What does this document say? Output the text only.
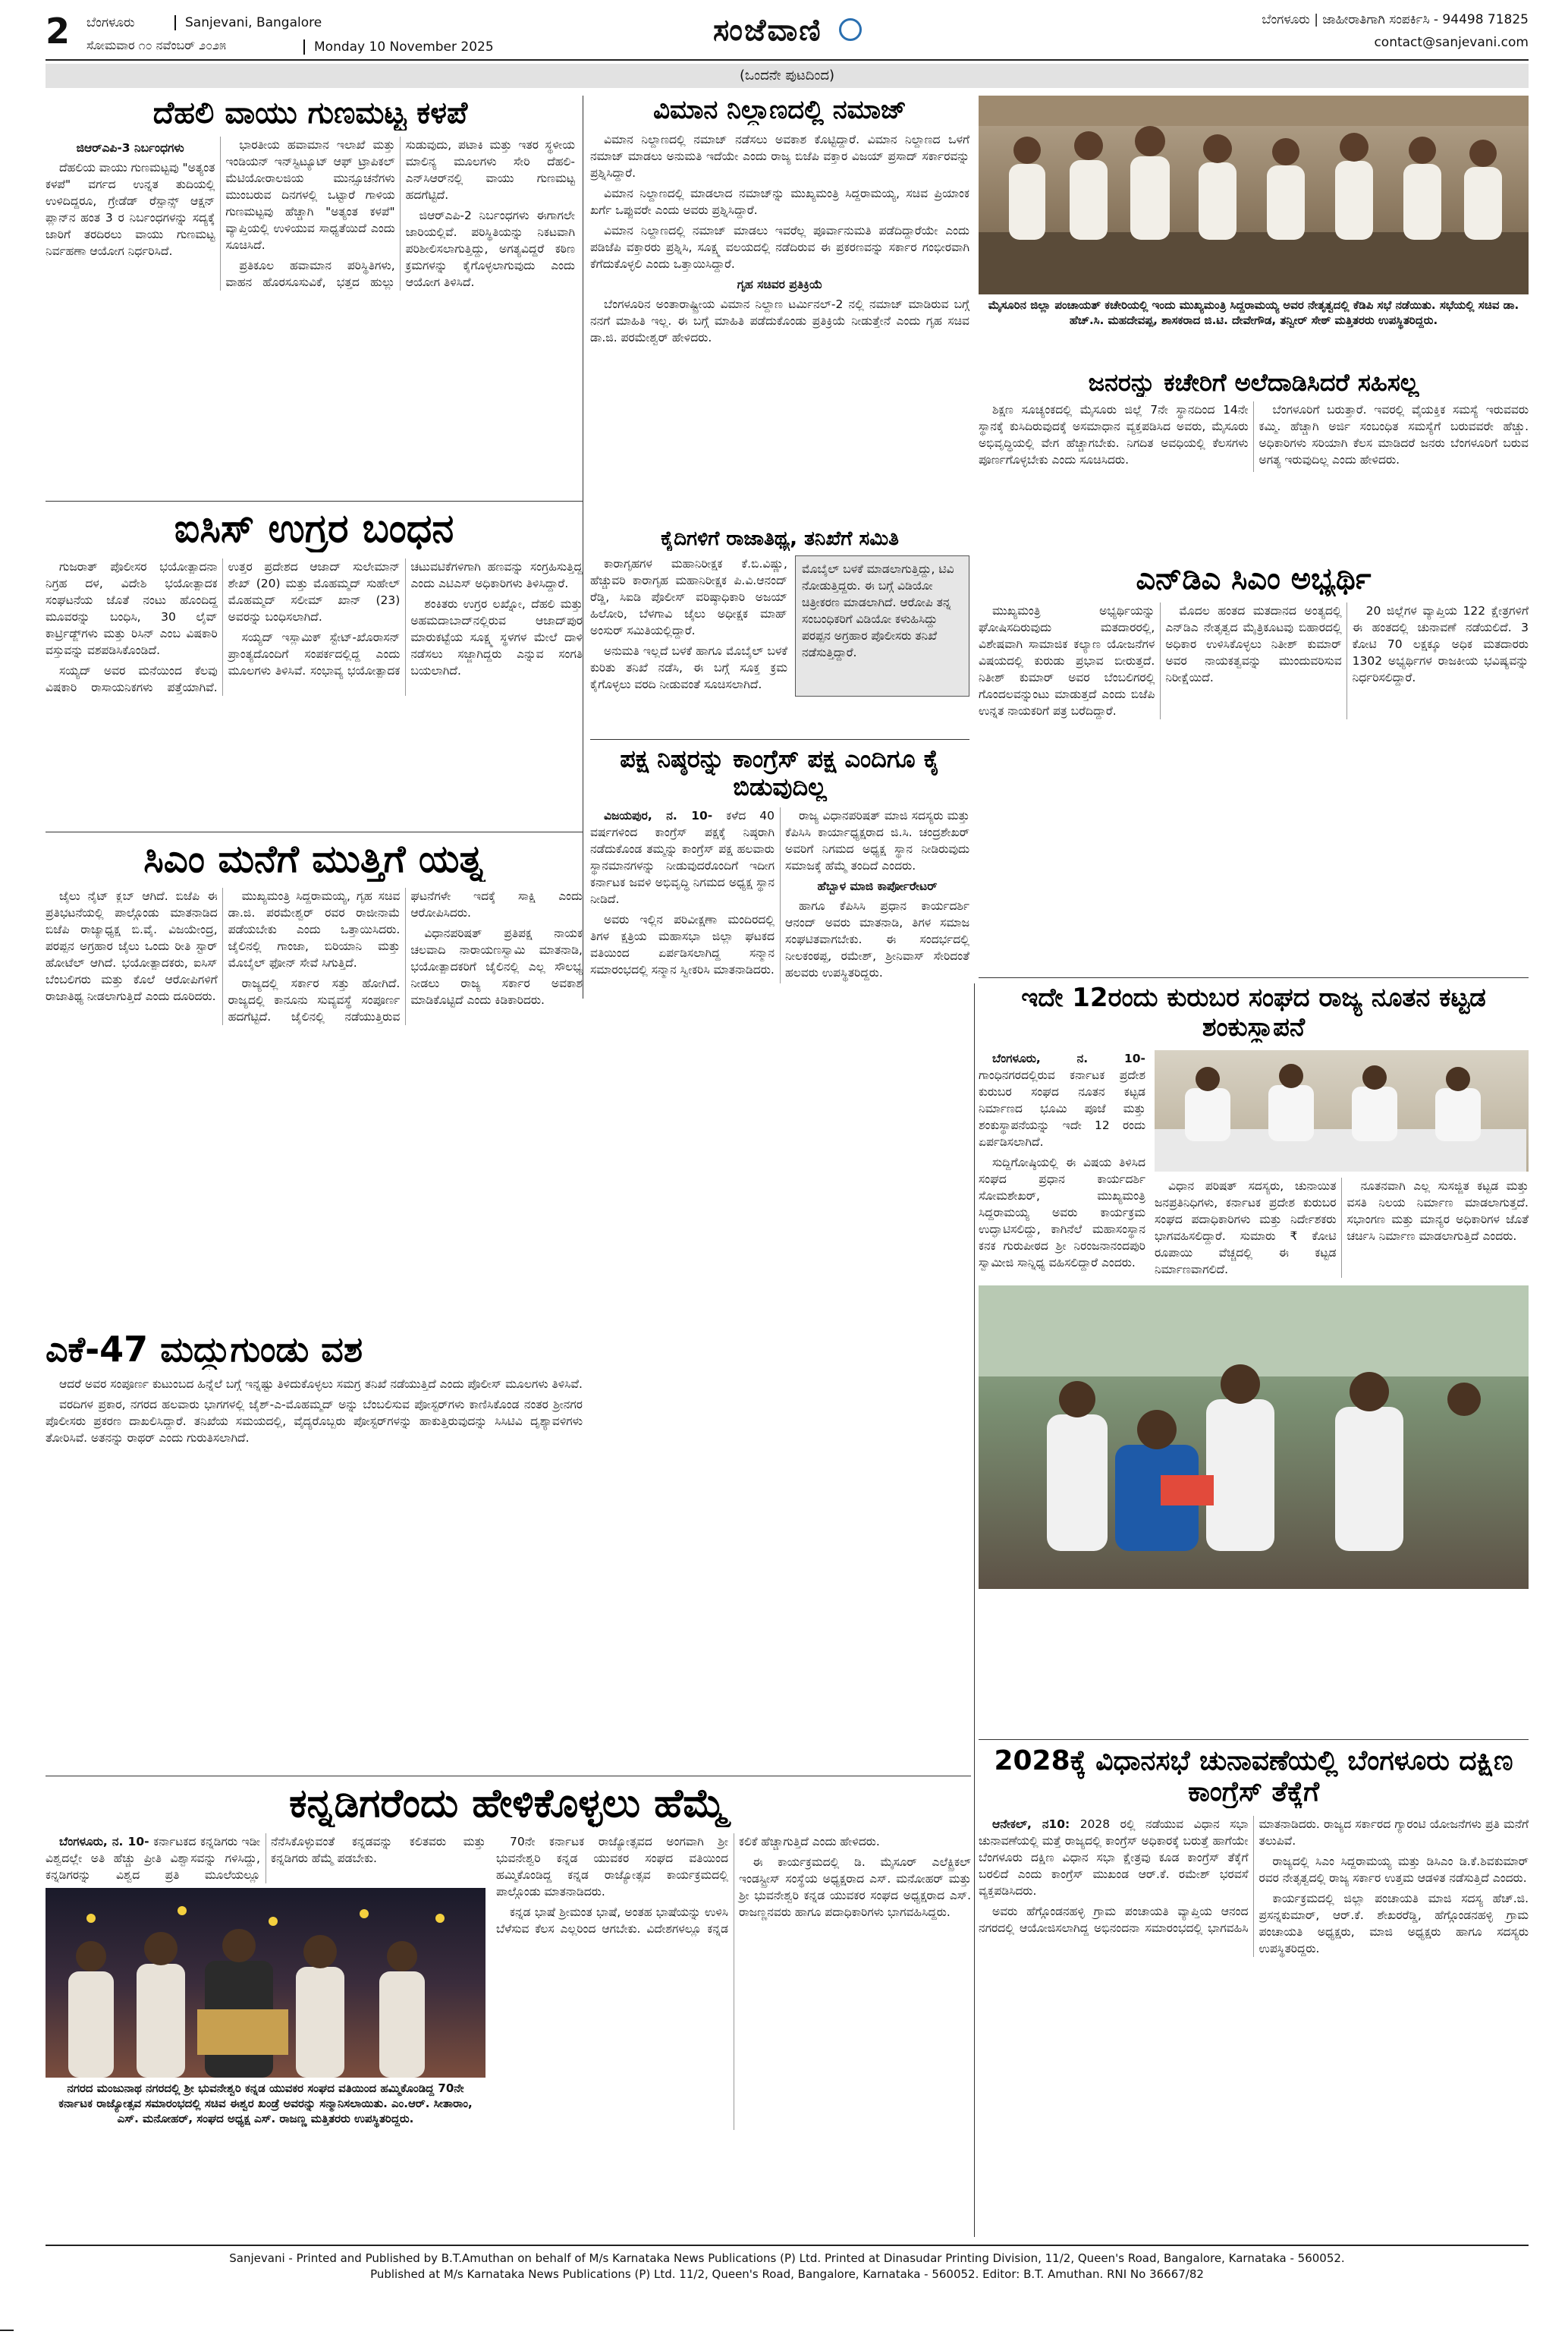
2 ಬೆಂಗಳೂರು
ಸೋಮವಾರ ೧೦ ನವೆಂಬರ್ ೨೦೨೫
Sanjevani, Bangalore
Monday 10 November 2025	ಸಂಜೆವಾಣಿ	ಬೆಂಗಳೂರು | ಜಾಹೀರಾತಿಗಾಗಿ ಸಂಪರ್ಕಿಸಿ - 94498 71825
contact@sanjevani.com
(ಒಂದನೇ ಪುಟದಿಂದ)
ದೆಹಲಿ ವಾಯು ಗುಣಮಟ್ಟ ಕಳಪೆ
ಜಿಆರ್‌ಎಪಿ-3 ನಿರ್ಬಂಧಗಳು

ದೆಹಲಿಯ ವಾಯು ಗುಣಮಟ್ಟವು "ಅತ್ಯಂತ ಕಳಪೆ" ವರ್ಗದ ಉನ್ನತ ತುದಿಯಲ್ಲಿ ಉಳಿದಿದ್ದರೂ, ಗ್ರೇಡೆಡ್ ರೆಸ್ಪಾನ್ಸ್ ಆಕ್ಷನ್ ಪ್ಲಾನ್‌ನ ಹಂತ 3 ರ ನಿರ್ಬಂಧಗಳನ್ನು ಸದ್ಯಕ್ಕೆ ಜಾರಿಗೆ ತರದಿರಲು ವಾಯು ಗುಣಮಟ್ಟ ನಿರ್ವಹಣಾ ಆಯೋಗ ನಿರ್ಧರಿಸಿದೆ.

ಭಾರತೀಯ ಹವಾಮಾನ ಇಲಾಖೆ ಮತ್ತು ಇಂಡಿಯನ್ ಇನ್‌ಸ್ಟಿಟ್ಯೂಟ್ ಆಫ್ ಟ್ರಾಪಿಕಲ್ ಮೆಟಿಯೋರಾಲಜಿಯ ಮುನ್ಸೂಚನೆಗಳು ಮುಂಬರುವ ದಿನಗಳಲ್ಲಿ ಒಟ್ಟಾರೆ ಗಾಳಿಯ ಗುಣಮಟ್ಟವು ಹೆಚ್ಚಾಗಿ "ಅತ್ಯಂತ ಕಳಪೆ" ವ್ಯಾಪ್ತಿಯಲ್ಲಿ ಉಳಿಯುವ ಸಾಧ್ಯತೆಯಿದೆ ಎಂದು ಸೂಚಿಸಿದೆ.

ಪ್ರತಿಕೂಲ ಹವಾಮಾನ ಪರಿಸ್ಥಿತಿಗಳು, ವಾಹನ ಹೊರಸೂಸುವಿಕೆ, ಭತ್ತದ ಹುಲ್ಲು ಸುಡುವುದು, ಪಟಾಕಿ ಮತ್ತು ಇತರ ಸ್ಥಳೀಯ ಮಾಲಿನ್ಯ ಮೂಲಗಳು ಸೇರಿ ದೆಹಲಿ-ಎನ್‌ಸಿಆರ್‌ನಲ್ಲಿ ವಾಯು ಗುಣಮಟ್ಟ ಹದಗೆಟ್ಟಿದೆ.

ಜಿಆರ್‌ಎಪಿ-2 ನಿರ್ಬಂಧಗಳು ಈಗಾಗಲೇ ಜಾರಿಯಲ್ಲಿವೆ. ಪರಿಸ್ಥಿತಿಯನ್ನು ನಿಕಟವಾಗಿ ಪರಿಶೀಲಿಸಲಾಗುತ್ತಿದ್ದು, ಅಗತ್ಯವಿದ್ದರೆ ಕಠಿಣ ಕ್ರಮಗಳನ್ನು ಕೈಗೊಳ್ಳಲಾಗುವುದು ಎಂದು ಆಯೋಗ ತಿಳಿಸಿದೆ.

ವಿಮಾನ ನಿಲ್ದಾಣದಲ್ಲಿ ನಮಾಜ್

ವಿಮಾನ ನಿಲ್ದಾಣದಲ್ಲಿ ನಮಾಜ್ ನಡೆಸಲು ಅವಕಾಶ ಕೊಟ್ಟಿದ್ದಾರೆ. ವಿಮಾನ ನಿಲ್ದಾಣದ ಒಳಗೆ ನಮಾಜ್ ಮಾಡಲು ಅನುಮತಿ ಇದೆಯೇ ಎಂದು ರಾಜ್ಯ ಬಿಜೆಪಿ ವಕ್ತಾರ ವಿಜಯ್ ಪ್ರಸಾದ್ ಸರ್ಕಾರವನ್ನು ಪ್ರಶ್ನಿಸಿದ್ದಾರೆ.

ವಿಮಾನ ನಿಲ್ದಾಣದಲ್ಲಿ ಮಾಡಲಾದ ನಮಾಜ್‌ನ್ನು ಮುಖ್ಯಮಂತ್ರಿ ಸಿದ್ದರಾಮಯ್ಯ, ಸಚಿವ ಪ್ರಿಯಾಂಕ ಖರ್ಗೆ ಒಪ್ಪುವರೇ ಎಂದು ಅವರು ಪ್ರಶ್ನಿಸಿದ್ದಾರೆ.

ವಿಮಾನ ನಿಲ್ದಾಣದಲ್ಲಿ ನಮಾಜ್ ಮಾಡಲು ಇವರೆಲ್ಲ ಪೂರ್ವಾನುಮತಿ ಪಡೆದಿದ್ದಾರೆಯೇ ಎಂದು ಪಡಿಜೆಪಿ ವಕ್ತಾರರು ಪ್ರಶ್ನಿಸಿ, ಸೂಕ್ಷ್ಮ ವಲಯದಲ್ಲಿ ನಡೆದಿರುವ ಈ ಪ್ರಕರಣವನ್ನು ಸರ್ಕಾರ ಗಂಭೀರವಾಗಿ ಕೆಗೆದುಕೊಳ್ಳಲಿ ಎಂದು ಒತ್ತಾಯಿಸಿದ್ದಾರೆ.

ಗೃಹ ಸಚಿವರ ಪ್ರತಿಕ್ರಿಯೆ

ಬೆಂಗಳೂರಿನ ಅಂತಾರಾಷ್ಟ್ರೀಯ ವಿಮಾನ ನಿಲ್ದಾಣ ಟರ್ಮಿನಲ್-2 ನಲ್ಲಿ ನಮಾಜ್ ಮಾಡಿರುವ ಬಗ್ಗೆ ನನಗೆ ಮಾಹಿತಿ ಇಲ್ಲ. ಈ ಬಗ್ಗೆ ಮಾಹಿತಿ ಪಡೆದುಕೊಂಡು ಪ್ರತಿಕ್ರಿಯೆ ನೀಡುತ್ತೇನೆ ಎಂದು ಗೃಹ ಸಚಿವ ಡಾ.ಜಿ. ಪರಮೇಶ್ವರ್ ಹೇಳಿದರು.

ಕೈದಿಗಳಿಗೆ ರಾಜಾತಿಥ್ಯ, ತನಿಖೆಗೆ ಸಮಿತಿ

ಕಾರಾಗೃಹಗಳ ಮಹಾನಿರೀಕ್ಷಕ ಕೆ.ಬಿ.ವಿಷ್ಣು, ಹೆಚ್ಚುವರಿ ಕಾರಾಗೃಹ ಮಹಾನಿರೀಕ್ಷಕ ಪಿ.ವಿ.ಆನಂದ್ ರೆಡ್ಡಿ, ಸಿಐಡಿ ಪೊಲೀಸ್ ವರಿಷ್ಠಾಧಿಕಾರಿ ಅಜಯ್ ಹಿಲೋರಿ, ಬೆಳಗಾವಿ ಜೈಲು ಅಧೀಕ್ಷಕ ಮಾಹ್ ಅಂಸುರ್ ಸಮಿತಿಯಲ್ಲಿದ್ದಾರೆ.

ಅನುಮತಿ ಇಲ್ಲದೆ ಬಳಕೆ ಹಾಗೂ ಮೊಬೈಲ್ ಬಳಕೆ ಕುರಿತು ತನಿಖೆ ನಡೆಸಿ, ಈ ಬಗ್ಗೆ ಸೂಕ್ತ ಕ್ರಮ ಕೈಗೊಳ್ಳಲು ವರದಿ ನೀಡುವಂತೆ ಸೂಚಿಸಲಾಗಿದೆ.

ಮೊಬೈಲ್ ಬಳಕೆ ಮಾಡಲಾಗುತ್ತಿದ್ದು, ಟಿವಿ ನೋಡುತ್ತಿದ್ದರು. ಈ ಬಗ್ಗೆ ವಿಡಿಯೋ ಚಿತ್ರೀಕರಣ ಮಾಡಲಾಗಿದೆ. ಆರೋಪಿ ತನ್ನ ಸಂಬಂಧಿಕರಿಗೆ ವಿಡಿಯೋ ಕಳುಹಿಸಿದ್ದು ಪರಪ್ಪನ ಅಗ್ರಹಾರ ಪೊಲೀಸರು ತನಿಖೆ ನಡೆಸುತ್ತಿದ್ದಾರೆ.
ಮೈಸೂರಿನ ಜಿಲ್ಲಾ ಪಂಚಾಯತ್ ಕಚೇರಿಯಲ್ಲಿ ಇಂದು ಮುಖ್ಯಮಂತ್ರಿ ಸಿದ್ದರಾಮಯ್ಯ ಅವರ ನೇತೃತ್ವದಲ್ಲಿ ಕೆಡಿಪಿ ಸಭೆ ನಡೆಯಿತು. ಸಭೆಯಲ್ಲಿ ಸಚಿವ ಡಾ. ಹೆಚ್.ಸಿ. ಮಹದೇವಪ್ಪ, ಶಾಸಕರಾದ ಜಿ.ಟಿ. ದೇವೇಗೌಡ, ತನ್ವೀರ್ ಸೇಠ್ ಮತ್ತಿತರರು ಉಪಸ್ಥಿತರಿದ್ದರು.
ಜನರನ್ನು ಕಚೇರಿಗೆ ಅಲೆದಾಡಿಸಿದರೆ ಸಹಿಸಲ್ಲ

ಶಿಕ್ಷಣ ಸೂಚ್ಯಂಕದಲ್ಲಿ ಮೈಸೂರು ಜಿಲ್ಲೆ 7ನೇ ಸ್ಥಾನದಿಂದ 14ನೇ ಸ್ಥಾನಕ್ಕೆ ಕುಸಿದಿರುವುದಕ್ಕೆ ಅಸಮಾಧಾನ ವ್ಯಕ್ತಪಡಿಸಿದ ಅವರು, ಮೈಸೂರು ಅಭಿವೃದ್ಧಿಯಲ್ಲಿ ವೇಗ ಹೆಚ್ಚಾಗಬೇಕು. ನಿಗದಿತ ಅವಧಿಯಲ್ಲಿ ಕೆಲಸಗಳು ಪೂರ್ಣಗೊಳ್ಳಬೇಕು ಎಂದು ಸೂಚಿಸಿದರು.

ಬೆಂಗಳೂರಿಗೆ ಬರುತ್ತಾರೆ. ಇವರಲ್ಲಿ ವೈಯಕ್ತಿಕ ಸಮಸ್ಯೆ ಇರುವವರು ಕಮ್ಮಿ. ಹೆಚ್ಚಾಗಿ ಅರ್ಜಿ ಸಂಬಂಧಿತ ಸಮಸ್ಯೆಗೆ ಬರುವವರೇ ಹೆಚ್ಚು. ಅಧಿಕಾರಿಗಳು ಸರಿಯಾಗಿ ಕೆಲಸ ಮಾಡಿದರೆ ಜನರು ಬೆಂಗಳೂರಿಗೆ ಬರುವ ಅಗತ್ಯ ಇರುವುದಿಲ್ಲ ಎಂದು ಹೇಳಿದರು.

ಐಸಿಸ್ ಉಗ್ರರ ಬಂಧನ

ಗುಜರಾತ್ ಪೊಲೀಸರ ಭಯೋತ್ಪಾದನಾ ನಿಗ್ರಹ ದಳ, ವಿದೇಶಿ ಭಯೋತ್ಪಾದಕ ಸಂಘಟನೆಯ ಜೊತೆ ನಂಟು ಹೊಂದಿದ್ದ ಮೂವರನ್ನು ಬಂಧಿಸಿ, 30 ಲೈವ್ ಕಾರ್ಟ್ರಿಡ್ಜ್‌ಗಳು ಮತ್ತು ರಿಸಿನ್ ಎಂಬ ವಿಷಕಾರಿ ವಸ್ತುವನ್ನು ವಶಪಡಿಸಿಕೊಂಡಿದೆ.

ಸಯ್ಯದ್ ಅವರ ಮನೆಯಿಂದ ಕೆಲವು ವಿಷಕಾರಿ ರಾಸಾಯನಿಕಗಳು ಪತ್ತೆಯಾಗಿವೆ. ಉತ್ತರ ಪ್ರದೇಶದ ಆಜಾದ್ ಸುಲೇಮಾನ್ ಶೇಖ್ (20) ಮತ್ತು ಮೊಹಮ್ಮದ್ ಸುಹೇಲ್ ಮೊಹಮ್ಮದ್ ಸಲೀಮ್ ಖಾನ್ (23) ಅವರನ್ನು ಬಂಧಿಸಲಾಗಿದೆ.

ಸಯ್ಯದ್ ಇಸ್ಲಾಮಿಕ್ ಸ್ಟೇಟ್-ಖೊರಾಸನ್ ಪ್ರಾಂತ್ಯದೊಂದಿಗೆ ಸಂಪರ್ಕದಲ್ಲಿದ್ದ ಎಂದು ಮೂಲಗಳು ತಿಳಿಸಿವೆ. ಸಂಭಾವ್ಯ ಭಯೋತ್ಪಾದಕ ಚಟುವಟಿಕೆಗಳಿಗಾಗಿ ಹಣವನ್ನು ಸಂಗ್ರಹಿಸುತ್ತಿದ್ದ ಎಂದು ಎಟಿಎಸ್ ಅಧಿಕಾರಿಗಳು ತಿಳಿಸಿದ್ದಾರೆ.

ಶಂಕಿತರು ಉಗ್ರರ ಲಖ್ನೋ, ದೆಹಲಿ ಮತ್ತು ಅಹಮದಾಬಾದ್‌ನಲ್ಲಿರುವ ಆಜಾದ್‌ಪುರ ಮಾರುಕಟ್ಟೆಯ ಸೂಕ್ಷ್ಮ ಸ್ಥಳಗಳ ಮೇಲೆ ದಾಳಿ ನಡೆಸಲು ಸಜ್ಜಾಗಿದ್ದರು ಎನ್ನುವ ಸಂಗತಿ ಬಯಲಾಗಿದೆ.

ಎನ್‌ಡಿಎ ಸಿಎಂ ಅಭ್ಯರ್ಥಿ

ಮುಖ್ಯಮಂತ್ರಿ ಅಭ್ಯರ್ಥಿಯನ್ನು ಘೋಷಿಸದಿರುವುದು ಮತದಾರರಲ್ಲಿ, ವಿಶೇಷವಾಗಿ ಸಾಮಾಜಿಕ ಕಲ್ಯಾಣ ಯೋಜನೆಗಳ ವಿಷಯದಲ್ಲಿ ಕುರುಡು ಪ್ರಭಾವ ಬೀರುತ್ತದೆ. ನಿತೀಶ್ ಕುಮಾರ್ ಅವರ ಬೆಂಬಲಿಗರಲ್ಲಿ ಗೊಂದಲವನ್ನುಂಟು ಮಾಡುತ್ತದೆ ಎಂದು ಬಿಜೆಪಿ ಉನ್ನತ ನಾಯಕರಿಗೆ ಪತ್ರ ಬರೆದಿದ್ದಾರೆ.

ಮೊದಲ ಹಂತದ ಮತದಾನದ ಅಂತ್ಯದಲ್ಲಿ ಎನ್‌ಡಿಎ ನೇತೃತ್ವದ ಮೈತ್ರಿಕೂಟವು ಬಿಹಾರದಲ್ಲಿ ಅಧಿಕಾರ ಉಳಿಸಿಕೊಳ್ಳಲು ನಿತೀಶ್ ಕುಮಾರ್ ಅವರ ನಾಯಕತ್ವವನ್ನು ಮುಂದುವರಿಸುವ ನಿರೀಕ್ಷೆಯಿದೆ.

20 ಜಿಲ್ಲೆಗಳ ವ್ಯಾಪ್ತಿಯ 122 ಕ್ಷೇತ್ರಗಳಿಗೆ ಈ ಹಂತದಲ್ಲಿ ಚುನಾವಣೆ ನಡೆಯಲಿದೆ. 3 ಕೋಟಿ 70 ಲಕ್ಷಕ್ಕೂ ಅಧಿಕ ಮತದಾರರು 1302 ಅಭ್ಯರ್ಥಿಗಳ ರಾಜಕೀಯ ಭವಿಷ್ಯವನ್ನು ನಿರ್ಧರಿಸಲಿದ್ದಾರೆ.

ಪಕ್ಷ ನಿಷ್ಠರನ್ನು ಕಾಂಗ್ರೆಸ್ ಪಕ್ಷ ಎಂದಿಗೂ ಕೈ ಬಿಡುವುದಿಲ್ಲ

ವಿಜಯಪುರ, ನ. 10- ಕಳೆದ 40 ವರ್ಷಗಳಿಂದ ಕಾಂಗ್ರೆಸ್ ಪಕ್ಷಕ್ಕೆ ನಿಷ್ಠರಾಗಿ ನಡೆದುಕೊಂಡ ತಮ್ಮನ್ನು ಕಾಂಗ್ರೆಸ್ ಪಕ್ಷ ಹಲವಾರು ಸ್ಥಾನಮಾನಗಳನ್ನು ನೀಡುವುದರೊಂದಿಗೆ ಇದೀಗ ಕರ್ನಾಟಕ ಜವಳಿ ಅಭಿವೃದ್ಧಿ ನಿಗಮದ ಅಧ್ಯಕ್ಷ ಸ್ಥಾನ ನೀಡಿದೆ.

ಅವರು ಇಲ್ಲಿನ ಪರಿವೀಕ್ಷಣಾ ಮಂದಿರದಲ್ಲಿ ತಿಗಳ ಕ್ಷತ್ರಿಯ ಮಹಾಸಭಾ ಜಿಲ್ಲಾ ಘಟಕದ ವತಿಯಿಂದ ಏರ್ಪಡಿಸಲಾಗಿದ್ದ ಸನ್ಮಾನ ಸಮಾರಂಭದಲ್ಲಿ ಸನ್ಮಾನ ಸ್ವೀಕರಿಸಿ ಮಾತನಾಡಿದರು.

ರಾಜ್ಯ ವಿಧಾನಪರಿಷತ್ ಮಾಜಿ ಸದಸ್ಯರು ಮತ್ತು ಕೆಪಿಸಿಸಿ ಕಾರ್ಯಾಧ್ಯಕ್ಷರಾದ ಜಿ.ಸಿ. ಚಂದ್ರಶೇಖರ್ ಅವರಿಗೆ ನಿಗಮದ ಅಧ್ಯಕ್ಷ ಸ್ಥಾನ ನೀಡಿರುವುದು ಸಮಾಜಕ್ಕೆ ಹೆಮ್ಮೆ ತಂದಿದೆ ಎಂದರು.

ಹೆಬ್ಬಾಳ ಮಾಜಿ ಕಾರ್ಪೋರೇಟರ್

ಹಾಗೂ ಕೆಪಿಸಿಸಿ ಪ್ರಧಾನ ಕಾರ್ಯದರ್ಶಿ ಆನಂದ್ ಅವರು ಮಾತನಾಡಿ, ತಿಗಳ ಸಮಾಜ ಸಂಘಟಿತವಾಗಬೇಕು. ಈ ಸಂದರ್ಭದಲ್ಲಿ ನೀಲಕಂಠಪ್ಪ, ರಮೇಶ್, ಶ್ರೀನಿವಾಸ್ ಸೇರಿದಂತೆ ಹಲವರು ಉಪಸ್ಥಿತರಿದ್ದರು.

ಸಿಎಂ ಮನೆಗೆ ಮುತ್ತಿಗೆ ಯತ್ನ

ಜೈಲು ನೈಟ್ ಕ್ಲಬ್ ಆಗಿದೆ. ಬಿಜೆಪಿ ಈ ಪ್ರತಿಭಟನೆಯಲ್ಲಿ ಪಾಲ್ಗೊಂಡು ಮಾತನಾಡಿದ ಬಿಜೆಪಿ ರಾಜ್ಯಾಧ್ಯಕ್ಷ ಬಿ.ವೈ. ವಿಜಯೇಂದ್ರ, ಪರಪ್ಪನ ಅಗ್ರಹಾರ ಜೈಲು ಒಂದು ರೀತಿ ಸ್ಟಾರ್ ಹೋಟೆಲ್ ಆಗಿದೆ. ಭಯೋತ್ಪಾದಕರು, ಐಸಿಸ್ ಬೆಂಬಲಿಗರು ಮತ್ತು ಕೊಲೆ ಆರೋಪಿಗಳಿಗೆ ರಾಜಾತಿಥ್ಯ ನೀಡಲಾಗುತ್ತಿದೆ ಎಂದು ದೂರಿದರು.

ಮುಖ್ಯಮಂತ್ರಿ ಸಿದ್ದರಾಮಯ್ಯ, ಗೃಹ ಸಚಿವ ಡಾ.ಜಿ. ಪರಮೇಶ್ವರ್ ರವರ ರಾಜೀನಾಮೆ ಪಡೆಯಬೇಕು ಎಂದು ಒತ್ತಾಯಿಸಿದರು. ಜೈಲಿನಲ್ಲಿ ಗಾಂಜಾ, ಬಿರಿಯಾನಿ ಮತ್ತು ಮೊಬೈಲ್ ಫೋನ್ ಸೇವೆ ಸಿಗುತ್ತಿದೆ.

ರಾಜ್ಯದಲ್ಲಿ ಸರ್ಕಾರ ಸತ್ತು ಹೋಗಿದೆ. ರಾಜ್ಯದಲ್ಲಿ ಕಾನೂನು ಸುವ್ಯವಸ್ಥೆ ಸಂಪೂರ್ಣ ಹದಗೆಟ್ಟಿದೆ. ಜೈಲಿನಲ್ಲಿ ನಡೆಯುತ್ತಿರುವ ಘಟನೆಗಳೇ ಇದಕ್ಕೆ ಸಾಕ್ಷಿ ಎಂದು ಆರೋಪಿಸಿದರು.

ವಿಧಾನಪರಿಷತ್ ಪ್ರತಿಪಕ್ಷ ನಾಯಕ ಚಲವಾದಿ ನಾರಾಯಣಸ್ವಾಮಿ ಮಾತನಾಡಿ, ಭಯೋತ್ಪಾದಕರಿಗೆ ಜೈಲಿನಲ್ಲಿ ಎಲ್ಲ ಸೌಲಭ್ಯ ನೀಡಲು ರಾಜ್ಯ ಸರ್ಕಾರ ಅವಕಾಶ ಮಾಡಿಕೊಟ್ಟಿದೆ ಎಂದು ಕಿಡಿಕಾರಿದರು.

ಎಕೆ-47 ಮದ್ದುಗುಂಡು ವಶ

ಆದರೆ ಅವರ ಸಂಪೂರ್ಣ ಕುಟುಂಬದ ಹಿನ್ನೆಲೆ ಬಗ್ಗೆ ಇನ್ನಷ್ಟು ತಿಳಿದುಕೊಳ್ಳಲು ಸಮಗ್ರ ತನಿಖೆ ನಡೆಯುತ್ತಿದೆ ಎಂದು ಪೊಲೀಸ್ ಮೂಲಗಳು ತಿಳಿಸಿವೆ.

ವರದಿಗಳ ಪ್ರಕಾರ, ನಗರದ ಹಲವಾರು ಭಾಗಗಳಲ್ಲಿ ಜೈಶ್-ಎ-ಮೊಹಮ್ಮದ್ ಅನ್ನು ಬೆಂಬಲಿಸುವ ಪೋಸ್ಟರ್‌ಗಳು ಕಾಣಿಸಿಕೊಂಡ ನಂತರ ಶ್ರೀನಗರ ಪೊಲೀಸರು ಪ್ರಕರಣ ದಾಖಲಿಸಿದ್ದಾರೆ. ತನಿಖೆಯ ಸಮಯದಲ್ಲಿ, ವೈದ್ಯರೊಬ್ಬರು ಪೋಸ್ಟರ್‌ಗಳನ್ನು ಹಾಕುತ್ತಿರುವುದನ್ನು ಸಿಸಿಟಿವಿ ದೃಶ್ಯಾವಳಿಗಳು ತೋರಿಸಿವೆ. ಅತನನ್ನು ರಾಥರ್ ಎಂದು ಗುರುತಿಸಲಾಗಿದೆ.

ಇದೇ 12ರಂದು ಕುರುಬರ ಸಂಘದ ರಾಜ್ಯ ನೂತನ ಕಟ್ಟಡ ಶಂಕುಸ್ಥಾಪನೆ

ಬೆಂಗಳೂರು, ನ. 10- ಗಾಂಧಿನಗರದಲ್ಲಿರುವ ಕರ್ನಾಟಕ ಪ್ರದೇಶ ಕುರುಬರ ಸಂಘದ ನೂತನ ಕಟ್ಟಡ ನಿರ್ಮಾಣದ ಭೂಮಿ ಪೂಜೆ ಮತ್ತು ಶಂಕುಸ್ಥಾಪನೆಯನ್ನು ಇದೇ 12 ರಂದು ಏರ್ಪಡಿಸಲಾಗಿದೆ.

ಸುದ್ದಿಗೋಷ್ಠಿಯಲ್ಲಿ ಈ ವಿಷಯ ತಿಳಿಸಿದ ಸಂಘದ ಪ್ರಧಾನ ಕಾರ್ಯದರ್ಶಿ ಸೋಮಶೇಖರ್, ಮುಖ್ಯಮಂತ್ರಿ ಸಿದ್ದರಾಮಯ್ಯ ಅವರು ಕಾರ್ಯಕ್ರಮ ಉದ್ಘಾಟಿಸಲಿದ್ದು, ಕಾಗಿನೆಲೆ ಮಹಾಸಂಸ್ಥಾನ ಕನಕ ಗುರುಪೀಠದ ಶ್ರೀ ನಿರಂಜನಾನಂದಪುರಿ ಸ್ವಾಮೀಜಿ ಸಾನ್ನಿಧ್ಯ ವಹಿಸಲಿದ್ದಾರೆ ಎಂದರು.

ವಿಧಾನ ಪರಿಷತ್ ಸದಸ್ಯರು, ಚುನಾಯಿತ ಜನಪ್ರತಿನಿಧಿಗಳು, ಕರ್ನಾಟಕ ಪ್ರದೇಶ ಕುರುಬರ ಸಂಘದ ಪದಾಧಿಕಾರಿಗಳು ಮತ್ತು ನಿರ್ದೇಶಕರು ಭಾಗವಹಿಸಲಿದ್ದಾರೆ. ಸುಮಾರು ₹ ಕೋಟಿ ರೂಪಾಯಿ ವೆಚ್ಚದಲ್ಲಿ ಈ ಕಟ್ಟಡ ನಿರ್ಮಾಣವಾಗಲಿದೆ.

ನೂತನವಾಗಿ ಎಲ್ಲ ಸುಸಜ್ಜಿತ ಕಟ್ಟಡ ಮತ್ತು ವಸತಿ ನಿಲಯ ನಿರ್ಮಾಣ ಮಾಡಲಾಗುತ್ತದೆ. ಸಭಾಂಗಣ ಮತ್ತು ಮಾನ್ಯರ ಅಧಿಕಾರಿಗಳ ಜೊತೆ ಚರ್ಚಿಸಿ ನಿರ್ಮಾಣ ಮಾಡಲಾಗುತ್ತಿದೆ ಎಂದರು.

ಕನ್ನಡಿಗರೆಂದು ಹೇಳಿಕೊಳ್ಳಲು ಹೆಮ್ಮೆ

ಬೆಂಗಳೂರು, ನ. 10- ಕರ್ನಾಟಕದ ಕನ್ನಡಿಗರು ಇಡೀ ವಿಶ್ವದಲ್ಲೇ ಅತಿ ಹೆಚ್ಚು ಪ್ರೀತಿ ವಿಶ್ವಾಸವನ್ನು ಗಳಿಸಿದ್ದು, ಕನ್ನಡಿಗರನ್ನು ವಿಶ್ವದ ಪ್ರತಿ ಮೂಲೆಯಲ್ಲೂ ನೆನೆಸಿಕೊಳ್ಳುವಂತೆ ಕನ್ನಡವನ್ನು ಕಲಿತವರು ಮತ್ತು ಕನ್ನಡಿಗರು ಹೆಮ್ಮೆ ಪಡಬೇಕು.

ನಗರದ ಮಂಜುನಾಥ ನಗರದಲ್ಲಿ ಶ್ರೀ ಭುವನೇಶ್ವರಿ ಕನ್ನಡ ಯುವಕರ ಸಂಘದ ವತಿಯಿಂದ ಹಮ್ಮಿಕೊಂಡಿದ್ದ 70ನೇ ಕರ್ನಾಟಕ ರಾಜ್ಯೋತ್ಸವ ಸಮಾರಂಭದಲ್ಲಿ ಸಚಿವ ಈಶ್ವರ ಖಂಡ್ರೆ ಅವರನ್ನು ಸನ್ಮಾನಿಸಲಾಯಿತು. ಎಂ.ಆರ್. ಸೀತಾರಾಂ, ಎಸ್. ಮನೋಹರ್, ಸಂಘದ ಅಧ್ಯಕ್ಷ ಎಸ್. ರಾಜಣ್ಣ ಮತ್ತಿತರರು ಉಪಸ್ಥಿತರಿದ್ದರು.

70ನೇ ಕರ್ನಾಟಕ ರಾಜ್ಯೋತ್ಸವದ ಅಂಗವಾಗಿ ಶ್ರೀ ಭುವನೇಶ್ವರಿ ಕನ್ನಡ ಯುವಕರ ಸಂಘದ ವತಿಯಿಂದ ಹಮ್ಮಿಕೊಂಡಿದ್ದ ಕನ್ನಡ ರಾಜ್ಯೋತ್ಸವ ಕಾರ್ಯಕ್ರಮದಲ್ಲಿ ಪಾಲ್ಗೊಂಡು ಮಾತನಾಡಿದರು.

ಕನ್ನಡ ಭಾಷೆ ಶ್ರೀಮಂತ ಭಾಷೆ, ಅಂತಹ ಭಾಷೆಯನ್ನು ಉಳಿಸಿ ಬೆಳೆಸುವ ಕೆಲಸ ಎಲ್ಲರಿಂದ ಆಗಬೇಕು. ವಿದೇಶಗಳಲ್ಲೂ ಕನ್ನಡ ಕಲಿಕೆ ಹೆಚ್ಚಾಗುತ್ತಿದೆ ಎಂದು ಹೇಳಿದರು.

ಈ ಕಾರ್ಯಕ್ರಮದಲ್ಲಿ ಡಿ. ಮೈಸೂರ್ ಎಲೆಕ್ಟ್ರಿಕಲ್ ಇಂಡಸ್ಟ್ರೀಸ್ ಸಂಸ್ಥೆಯ ಅಧ್ಯಕ್ಷರಾದ ಎಸ್. ಮನೋಹರ್ ಮತ್ತು ಶ್ರೀ ಭುವನೇಶ್ವರಿ ಕನ್ನಡ ಯುವಕರ ಸಂಘದ ಅಧ್ಯಕ್ಷರಾದ ಎಸ್. ರಾಜಣ್ಣನವರು ಹಾಗೂ ಪದಾಧಿಕಾರಿಗಳು ಭಾಗವಹಿಸಿದ್ದರು.

2028ಕ್ಕೆ ವಿಧಾನಸಭೆ ಚುನಾವಣೆಯಲ್ಲಿ ಬೆಂಗಳೂರು ದಕ್ಷಿಣ ಕಾಂಗ್ರೆಸ್ ತೆಕ್ಕೆಗೆ

ಆನೇಕಲ್, ನ10: 2028 ರಲ್ಲಿ ನಡೆಯುವ ವಿಧಾನ ಸಭಾ ಚುನಾವಣೆಯಲ್ಲಿ ಮತ್ತೆ ರಾಜ್ಯದಲ್ಲಿ ಕಾಂಗ್ರೆಸ್ ಅಧಿಕಾರಕ್ಕೆ ಬರುತ್ತೆ ಹಾಗೆಯೇ ಬೆಂಗಳೂರು ದಕ್ಷಿಣ ವಿಧಾನ ಸಭಾ ಕ್ಷೇತ್ರವು ಕೂಡ ಕಾಂಗ್ರೆಸ್ ತೆಕ್ಕೆಗೆ ಬರಲಿದೆ ಎಂದು ಕಾಂಗ್ರೆಸ್ ಮುಖಂಡ ಆರ್.ಕೆ. ರಮೇಶ್ ಭರವಸೆ ವ್ಯಕ್ತಪಡಿಸಿದರು.

ಅವರು ಹೆಗ್ಗೊಂಡನಹಳ್ಳಿ ಗ್ರಾಮ ಪಂಚಾಯತಿ ವ್ಯಾಪ್ತಿಯ ಆನಂದ ನಗರದಲ್ಲಿ ಆಯೋಜಿಸಲಾಗಿದ್ದ ಅಭಿನಂದನಾ ಸಮಾರಂಭದಲ್ಲಿ ಭಾಗವಹಿಸಿ ಮಾತನಾಡಿದರು. ರಾಜ್ಯದ ಸರ್ಕಾರದ ಗ್ಯಾರಂಟಿ ಯೋಜನೆಗಳು ಪ್ರತಿ ಮನೆಗೆ ತಲುಪಿವೆ.

ರಾಜ್ಯದಲ್ಲಿ ಸಿಎಂ ಸಿದ್ದರಾಮಯ್ಯ ಮತ್ತು ಡಿಸಿಎಂ ಡಿ.ಕೆ.ಶಿವಕುಮಾರ್ ರವರ ನೇತೃತ್ವದಲ್ಲಿ ರಾಜ್ಯ ಸರ್ಕಾರ ಉತ್ತಮ ಆಡಳಿತ ನಡೆಸುತ್ತಿದೆ ಎಂದರು.

ಕಾರ್ಯಕ್ರಮದಲ್ಲಿ ಜಿಲ್ಲಾ ಪಂಚಾಯತಿ ಮಾಜಿ ಸದಸ್ಯ ಹೆಚ್.ಜಿ. ಪ್ರಸನ್ನಕುಮಾರ್, ಆರ್.ಕೆ. ಶೇಖರರೆಡ್ಡಿ, ಹೆಗ್ಗೊಂಡನಹಳ್ಳಿ ಗ್ರಾಮ ಪಂಚಾಯತಿ ಅಧ್ಯಕ್ಷರು, ಮಾಜಿ ಅಧ್ಯಕ್ಷರು ಹಾಗೂ ಸದಸ್ಯರು ಉಪಸ್ಥಿತರಿದ್ದರು.

Sanjevani - Printed and Published by B.T.Amuthan on behalf of M/s Karnataka News Publications (P) Ltd. Printed at Dinasudar Printing Division, 11/2, Queen's Road, Bangalore, Karnataka - 560052.
Published at M/s Karnataka News Publications (P) Ltd. 11/2, Queen's Road, Bangalore, Karnataka - 560052. Editor: B.T. Amuthan. RNI No 36667/82
